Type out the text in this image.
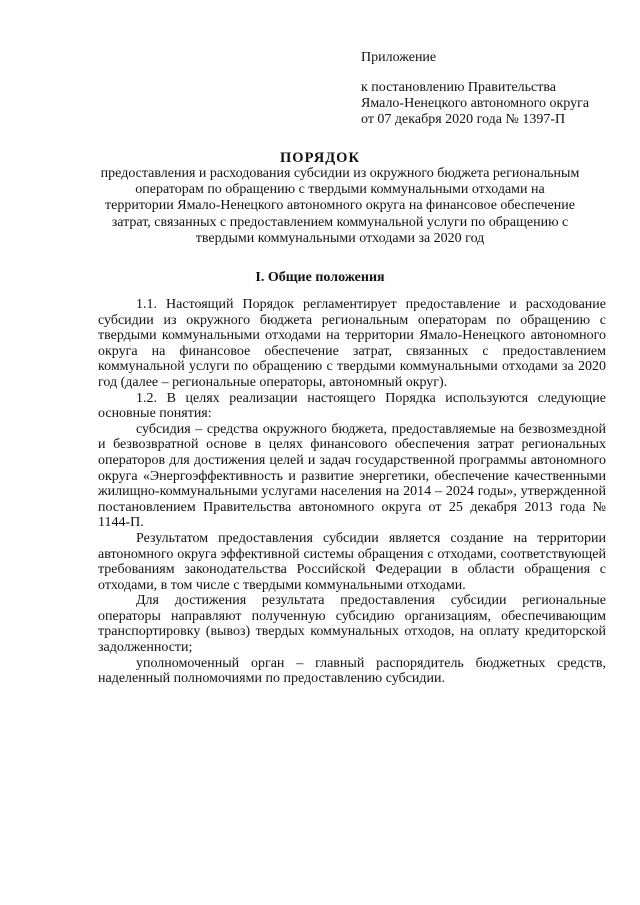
Приложение
к постановлению Правительства
Ямало-Ненецкого автономного округа
от 07 декабря 2020 года № 1397-П
ПОРЯДОК
предоставления и расходования субсидии из окружного бюджета региональным операторам по обращению с твердыми коммунальными отходами на территории Ямало-Ненецкого автономного округа на финансовое обеспечение затрат, связанных с предоставлением коммунальной услуги по обращению с твердыми коммунальными отходами за 2020 год
I. Общие положения

1.1. Настоящий Порядок регламентирует предоставление и расходование субсидии из окружного бюджета региональным операторам по обращению с твердыми коммунальными отходами на территории Ямало-Ненецкого автономного округа на финансовое обеспечение затрат, связанных с предоставлением коммунальной услуги по обращению с твердыми коммунальными отходами за 2020 год (далее – региональные операторы, автономный округ).

1.2. В целях реализации настоящего Порядка используются следующие основные понятия:

субсидия – средства окружного бюджета, предоставляемые на безвозмездной и безвозвратной основе в целях финансового обеспечения затрат региональных операторов для достижения целей и задач государственной программы автономного округа «Энергоэффективность и развитие энергетики, обеспечение качественными жилищно-коммунальными услугами населения на 2014 – 2024 годы», утвержденной постановлением Правительства автономного округа от 25 декабря 2013 года № 1144-П.

Результатом предоставления субсидии является создание на территории автономного округа эффективной системы обращения с отходами, соответствующей требованиям законодательства Российской Федерации в области обращения с отходами, в том числе с твердыми коммунальными отходами.

Для достижения результата предоставления субсидии региональные операторы направляют полученную субсидию организациям, обеспечивающим транспортировку (вывоз) твердых коммунальных отходов, на оплату кредиторской задолженности;

уполномоченный орган – главный распорядитель бюджетных средств, наделенный полномочиями по предоставлению субсидии.
